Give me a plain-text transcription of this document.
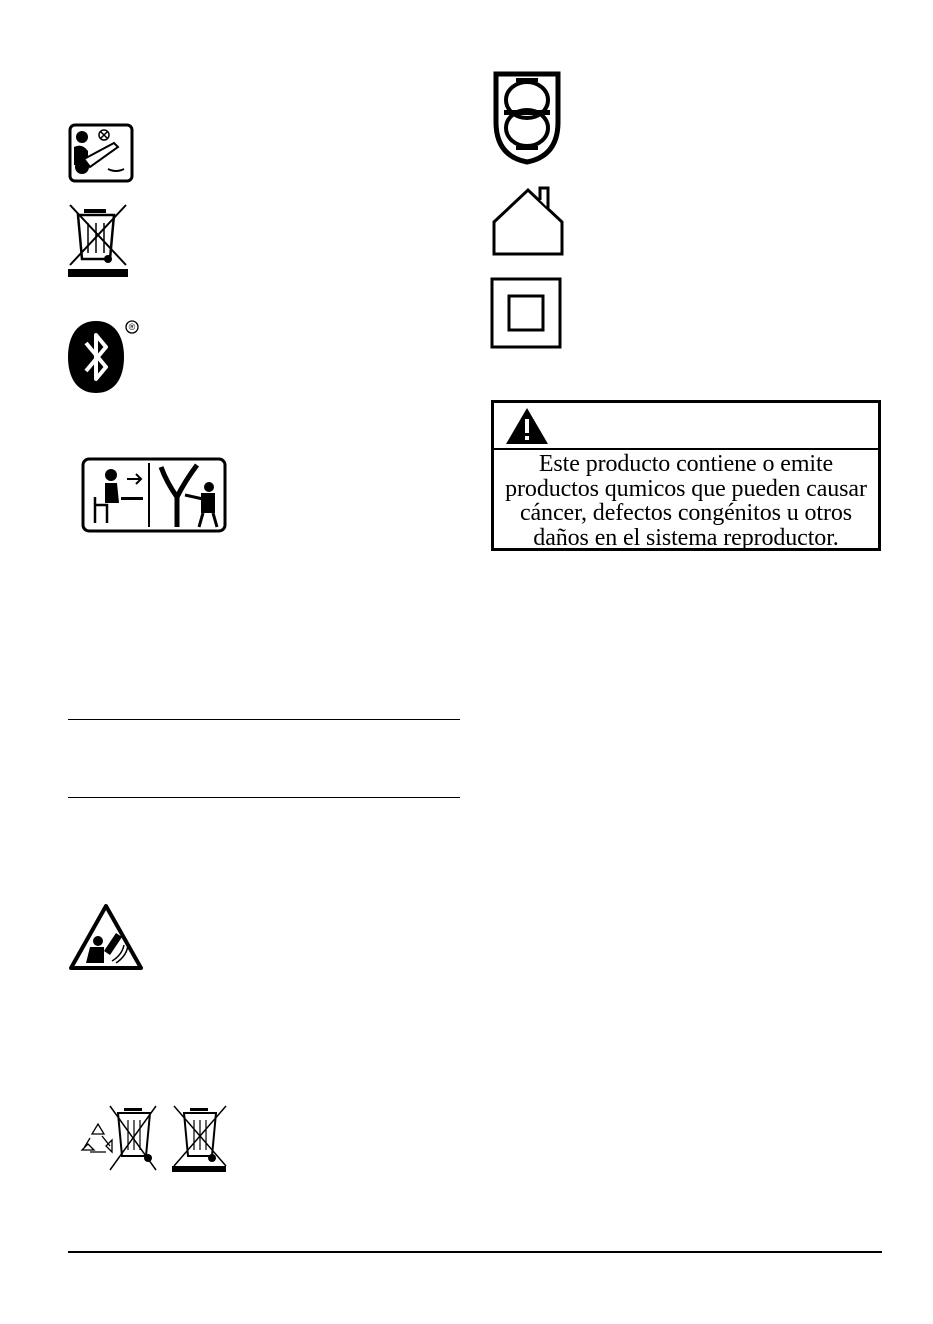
®
Este producto contiene o emite
productos qumicos que pueden causar
cáncer, defectos congénitos u otros
daños en el sistema reproductor.
